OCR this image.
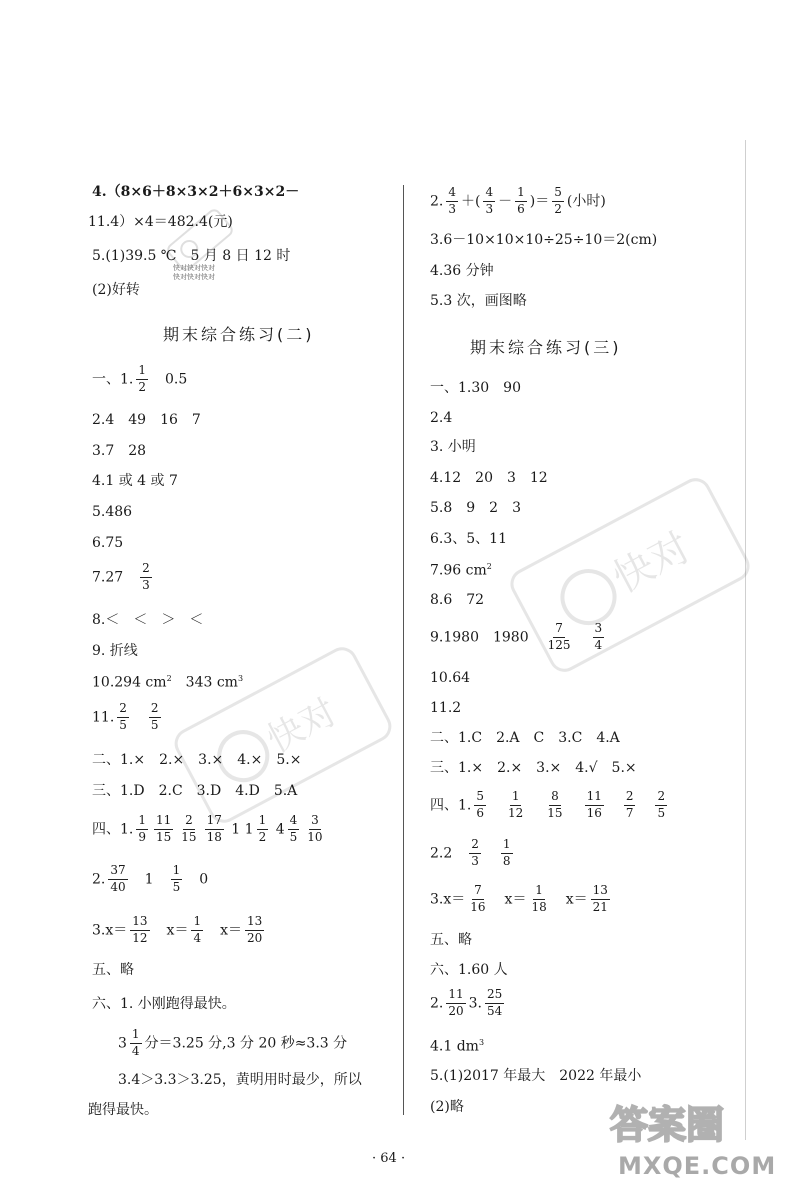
快对
快对
4.（8×6＋8×3×2＋6×3×2－
11.4）×4＝482.4(元)
5.(1)39.5 ℃　5 月 8 日 12 时
快对快对快对
快对快对快对
(2)好转
期末综合练习(二)
一、1. $\frac{1}{2} 0.5$
2.4　49　16　7
3.7　28
4.1 或 4 或 7
5.486
6.75
$7.27 \frac{2}{3}$
8.＜　＜　＞　＜
9. 折线
10.294 $cm^2$ 343 $cm^3$
11. $\frac{2}{5} \frac{2}{5}$
二、1.×　2.×　3.×　4.×　5.×
三、1.D　2.C　3.D　4.D　5.A
四、1. $\frac{1}{9} \frac{11}{15} \frac{2}{15} \frac{17}{18} 1$ $1 \frac{1}{2} 4 \frac{4}{5} \frac{3}{10}$
2. $\frac{37}{40} 1 \frac{1}{5} 0$
$3.x= \frac{13}{12} x= \frac{1}{4} x= \frac{13}{20}$
五、略
六、1. 小刚跑得最快。
$3 \frac{1}{4}$ 分＝3.25 分,3 分 20 秒≈3.3 分
3.4＞3.3＞3.25，黄明用时最少，所以
跑得最快。
2. $\frac{4}{3}$ ＋( $\frac{4}{3} - \frac{1}{6}$ )＝ $\frac{5}{2}$ (小时)
3.6－10×10×10÷25÷10＝2(cm)
4.36 分钟
5.3 次，画图略
期末综合练习(三)
一、1.30　90
2.4
3. 小明
4.12　20　3　12
5.8　9　2　3
6.3、5、11
7.96 $cm^2$
8.6　72
9.1980　$1980 \frac{7}{125} \frac{3}{4}$
10.64
11.2
二、1.C　2.A　C　3.C　4.A
三、1.×　2.×　3.×　4.√　5.×
四、1. $\frac{5}{6} \frac{1}{12} \frac{8}{15} \frac{11}{16} \frac{2}{7} \frac{2}{5}$
$2.2 \frac{2}{3} \frac{1}{8}$
$3.x= \frac{7}{16} x= \frac{1}{18} x= \frac{13}{21}$
五、略
六、1.60 人
2. $\frac{11}{20} 3$. $\frac{25}{54}$
4.1 $dm^3$
5.(1)2017 年最大　2022 年最小
(2)略
· 64 ·
答案圈
MXQE.COM
